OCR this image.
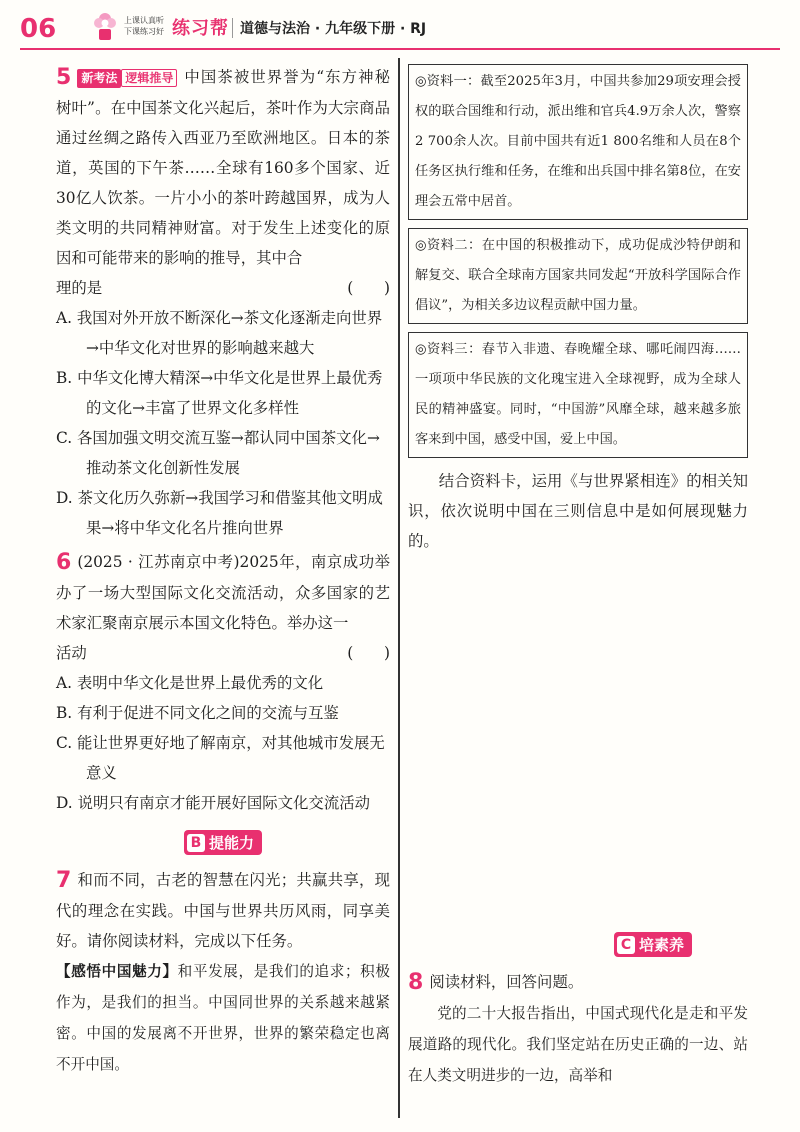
06	上课认真听
下课练习好 练习帮 道德与法治 · 九年级下册 · RJ
5 新考法 逻辑推导 中国茶被世界誉为“东方神秘树叶”。在中国茶文化兴起后，茶叶作为大宗商品通过丝绸之路传入西亚乃至欧洲地区。日本的茶道，英国的下午茶……全球有160多个国家、近30亿人饮茶。一片小小的茶叶跨越国界，成为人类文明的共同精神财富。对于发生上述变化的原因和可能带来的影响的推导，其中合
理的是	(　　)
A. 我国对外开放不断深化→茶文化逐渐走向世界→中华文化对世界的影响越来越大
B. 中华文化博大精深→中华文化是世界上最优秀的文化→丰富了世界文化多样性
C. 各国加强文明交流互鉴→都认同中国茶文化→推动茶文化创新性发展
D. 茶文化历久弥新→我国学习和借鉴其他文明成果→将中华文化名片推向世界
6 (2025 · 江苏南京中考)2025年，南京成功举办了一场大型国际文化交流活动，众多国家的艺术家汇聚南京展示本国文化特色。举办这一
活动	(　　)
A. 表明中华文化是世界上最优秀的文化
B. 有利于促进不同文化之间的交流与互鉴
C. 能让世界更好地了解南京，对其他城市发展无意义
D. 说明只有南京才能开展好国际文化交流活动
B 提能力
7 和而不同，古老的智慧在闪光；共赢共享，现代的理念在实践。中国与世界共历风雨，同享美好。请你阅读材料，完成以下任务。
【感悟中国魅力】和平发展，是我们的追求；积极作为，是我们的担当。中国同世界的关系越来越紧密。中国的发展离不开世界，世界的繁荣稳定也离不开中国。
◎资料一：截至2025年3月，中国共参加29项安理会授权的联合国维和行动，派出维和官兵4.9万余人次，警察2 700余人次。目前中国共有近1 800名维和人员在8个任务区执行维和任务，在维和出兵国中排名第8位，在安理会五常中居首。
◎资料二：在中国的积极推动下，成功促成沙特伊朗和解复交、联合全球南方国家共同发起“开放科学国际合作倡议”，为相关多边议程贡献中国力量。
◎资料三：春节入非遗、春晚耀全球、哪吒闹四海……一项项中华民族的文化瑰宝进入全球视野，成为全球人民的精神盛宴。同时，“中国游”风靡全球，越来越多旅客来到中国，感受中国，爱上中国。
结合资料卡，运用《与世界紧相连》的相关知识，依次说明中国在三则信息中是如何展现魅力的。
C 培素养
8 阅读材料，回答问题。
党的二十大报告指出，中国式现代化是走和平发展道路的现代化。我们坚定站在历史正确的一边、站在人类文明进步的一边，高举和
